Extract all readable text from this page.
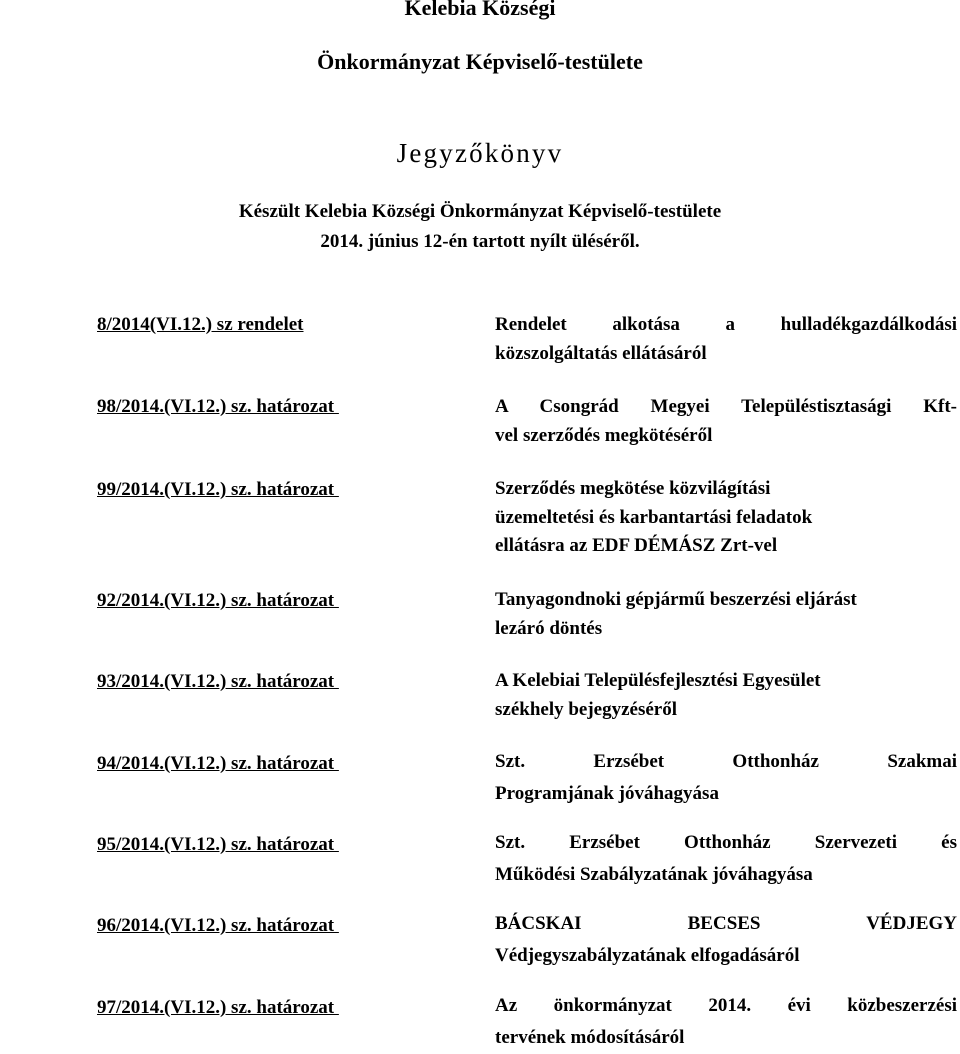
Kelebia Községi
Önkormányzat Képviselő-testülete
Jegyzőkönyv
Készült Kelebia Községi Önkormányzat Képviselő-testülete
2014. június 12-én tartott nyílt üléséről.
8/2014(VI.12.) sz rendelet	Rendelet alkotása a hulladékgazdálkodási
közszolgáltatás ellátásáról
98/2014.(VI.12.) sz. határozat	A Csongrád Megyei Településtisztasági Kft-
vel szerződés megkötéséről
99/2014.(VI.12.) sz. határozat	Szerződés megkötése közvilágítási
üzemeltetési és karbantartási feladatok
ellátásra az EDF DÉMÁSZ Zrt-vel
92/2014.(VI.12.) sz. határozat	Tanyagondnoki gépjármű beszerzési eljárást
lezáró döntés
93/2014.(VI.12.) sz. határozat	A Kelebiai Településfejlesztési Egyesület
székhely bejegyzéséről
94/2014.(VI.12.) sz. határozat	Szt. Erzsébet Otthonház Szakmai
Programjának jóváhagyása
95/2014.(VI.12.) sz. határozat	Szt. Erzsébet Otthonház Szervezeti és
Működési Szabályzatának jóváhagyása
96/2014.(VI.12.) sz. határozat	BÁCSKAI BECSES VÉDJEGY
Védjegyszabályzatának elfogadásáról
97/2014.(VI.12.) sz. határozat	Az önkormányzat 2014. évi közbeszerzési
tervének módosításáról
